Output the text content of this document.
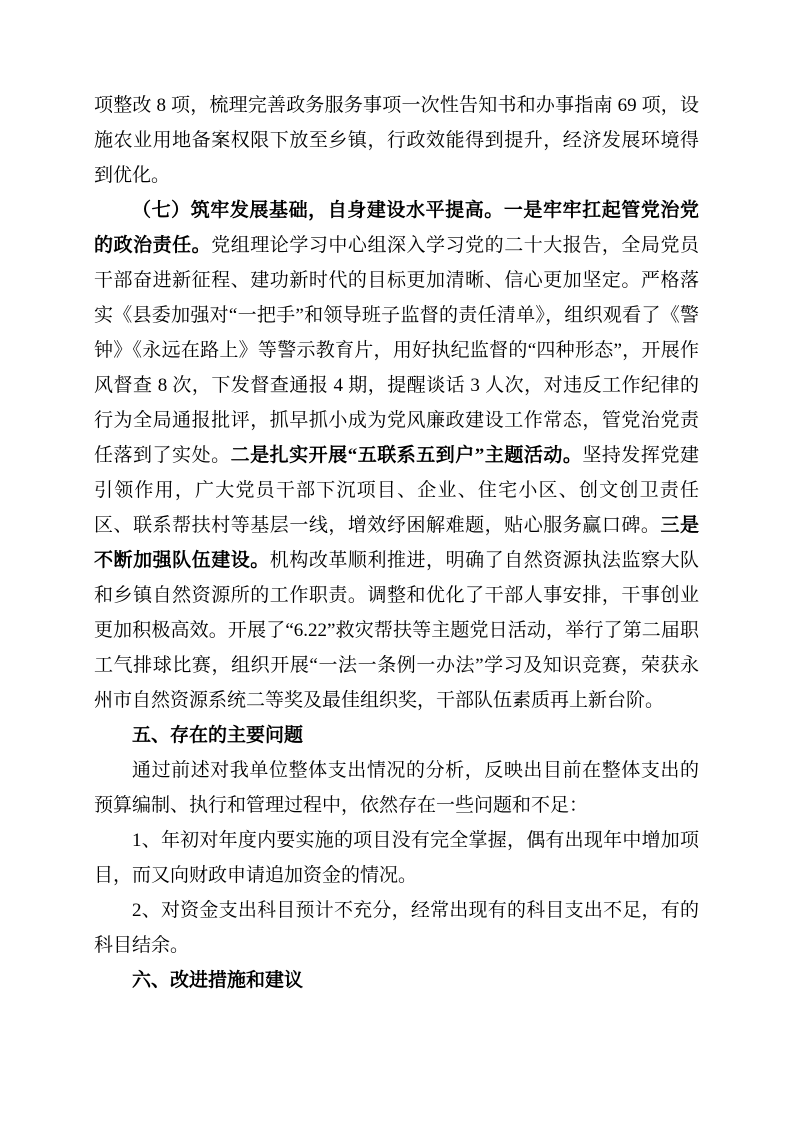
项整改 8 项，梳理完善政务服务事项一次性告知书和办事指南 69 项，设施农业用地备案权限下放至乡镇，行政效能得到提升，经济发展环境得到优化。

（七）筑牢发展基础，自身建设水平提高。一是牢牢扛起管党治党的政治责任。党组理论学习中心组深入学习党的二十大报告，全局党员干部奋进新征程、建功新时代的目标更加清晰、信心更加坚定。严格落实《县委加强对“一把手”和领导班子监督的责任清单》，组织观看了《警钟》《永远在路上》等警示教育片，用好执纪监督的“四种形态”，开展作风督查 8 次，下发督查通报 4 期，提醒谈话 3 人次，对违反工作纪律的行为全局通报批评，抓早抓小成为党风廉政建设工作常态，管党治党责任落到了实处。二是扎实开展“五联系五到户”主题活动。坚持发挥党建引领作用，广大党员干部下沉项目、企业、住宅小区、创文创卫责任区、联系帮扶村等基层一线，增效纾困解难题，贴心服务赢口碑。三是不断加强队伍建设。机构改革顺利推进，明确了自然资源执法监察大队和乡镇自然资源所的工作职责。调整和优化了干部人事安排，干事创业更加积极高效。开展了“6.22”救灾帮扶等主题党日活动，举行了第二届职工气排球比赛，组织开展“一法一条例一办法”学习及知识竞赛，荣获永州市自然资源系统二等奖及最佳组织奖，干部队伍素质再上新台阶。

五、存在的主要问题

通过前述对我单位整体支出情况的分析，反映出目前在整体支出的预算编制、执行和管理过程中，依然存在一些问题和不足：

1、年初对年度内要实施的项目没有完全掌握，偶有出现年中增加项目，而又向财政申请追加资金的情况。

2、对资金支出科目预计不充分，经常出现有的科目支出不足，有的科目结余。

六、改进措施和建议
